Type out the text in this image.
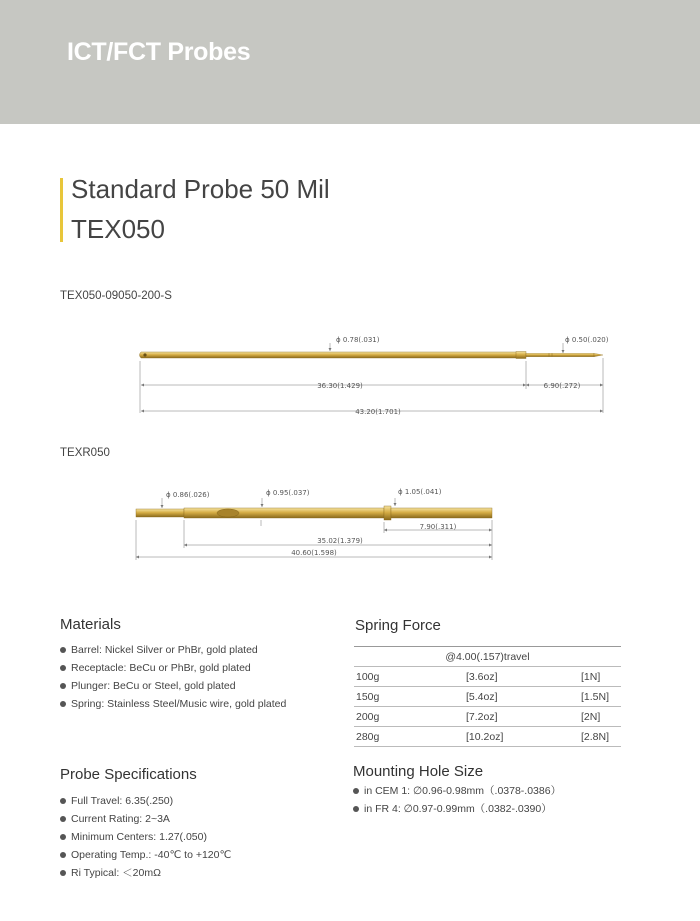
ICT/FCT Probes
Standard Probe 50 Mil
TEX050
TEX050-09050-200-S
ϕ 0.78(.031)	ϕ 0.50(.020)
36.30(1.429)	6.90(.272)
43.20(1.701)
TEXR050
ϕ 0.86(.026)	ϕ 0.95(.037)	ϕ 1.05(.041)
7.90(.311)
35.02(1.379)
40.60(1.598)
Materials
Barrel: Nickel Silver or PhBr, gold plated
Receptacle: BeCu or PhBr, gold plated
Plunger: BeCu or Steel, gold plated
Spring: Stainless Steel/Music wire, gold plated
Spring Force
@4.00(.157)travel		
100g	[3.6oz]	[1N]
150g	[5.4oz]	[1.5N]
200g	[7.2oz]	[2N]
280g	[10.2oz]	[2.8N]
Probe Specifications
Full Travel: 6.35(.250)
Current Rating: 2~3A
Minimum Centers: 1.27(.050)
Operating Temp.: -40℃ to +120℃
Ri Typical: ＜20mΩ
Mounting Hole Size
in CEM 1: ∅0.96-0.98mm（.0378-.0386）
in FR 4: ∅0.97-0.99mm（.0382-.0390）
